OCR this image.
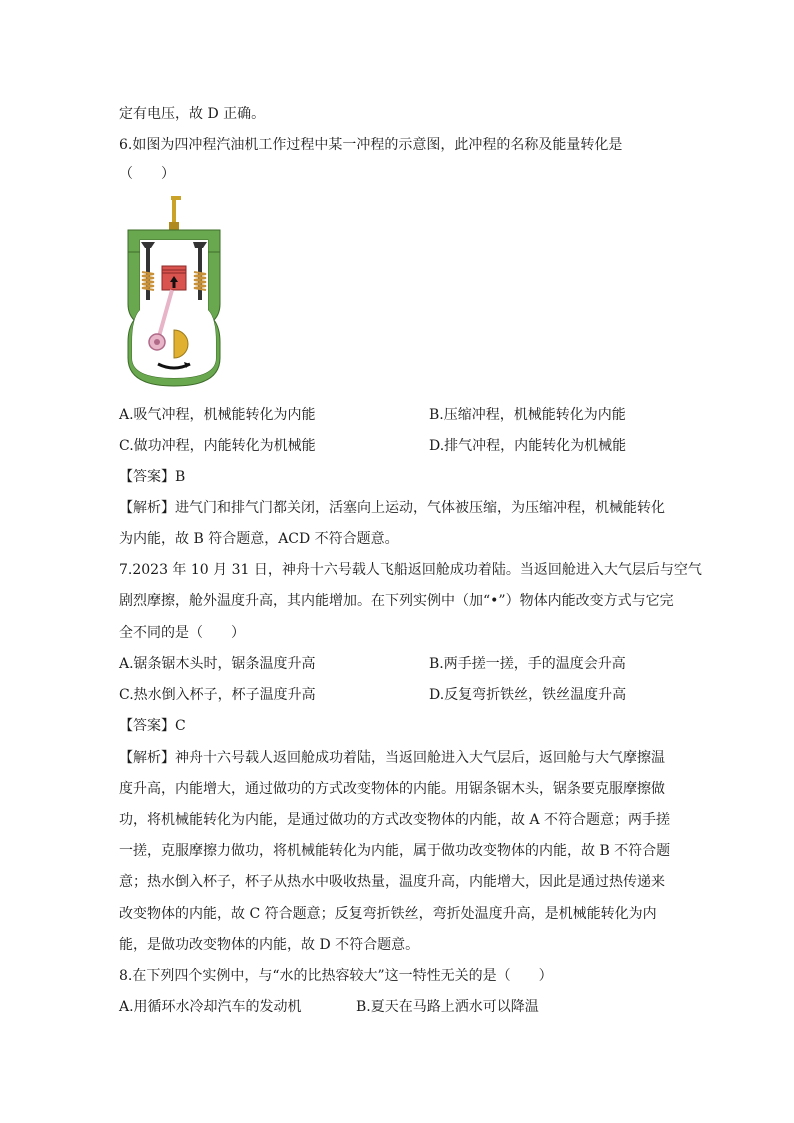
定有电压，故 D 正确。
6.如图为四冲程汽油机工作过程中某一冲程的示意图，此冲程的名称及能量转化是
（　　）
A.吸气冲程，机械能转化为内能	B.压缩冲程，机械能转化为内能
C.做功冲程，内能转化为机械能	D.排气冲程，内能转化为机械能
【答案】B
【解析】进气门和排气门都关闭，活塞向上运动，气体被压缩，为压缩冲程，机械能转化
为内能，故 B 符合题意，ACD 不符合题意。
7.2023 年 10 月 31 日，神舟十六号载人飞船返回舱成功着陆。当返回舱进入大气层后与空气
剧烈摩擦，舱外温度升高，其内能增加。在下列实例中（加“•”）物体内能改变方式与它完
全不同的是（　　）
A.锯条锯木头时，锯条温度升高	B.两手搓一搓，手的温度会升高
C.热水倒入杯子，杯子温度升高	D.反复弯折铁丝，铁丝温度升高
【答案】C
【解析】神舟十六号载人返回舱成功着陆，当返回舱进入大气层后，返回舱与大气摩擦温
度升高，内能增大，通过做功的方式改变物体的内能。用锯条锯木头，锯条要克服摩擦做
功，将机械能转化为内能，是通过做功的方式改变物体的内能，故 A 不符合题意；两手搓
一搓，克服摩擦力做功，将机械能转化为内能，属于做功改变物体的内能，故 B 不符合题
意；热水倒入杯子，杯子从热水中吸收热量，温度升高，内能增大，因此是通过热传递来
改变物体的内能，故 C 符合题意；反复弯折铁丝，弯折处温度升高，是机械能转化为内
能，是做功改变物体的内能，故 D 不符合题意。
8.在下列四个实例中，与“水的比热容较大”这一特性无关的是（　　）
A.用循环水冷却汽车的发动机	B.夏天在马路上洒水可以降温
